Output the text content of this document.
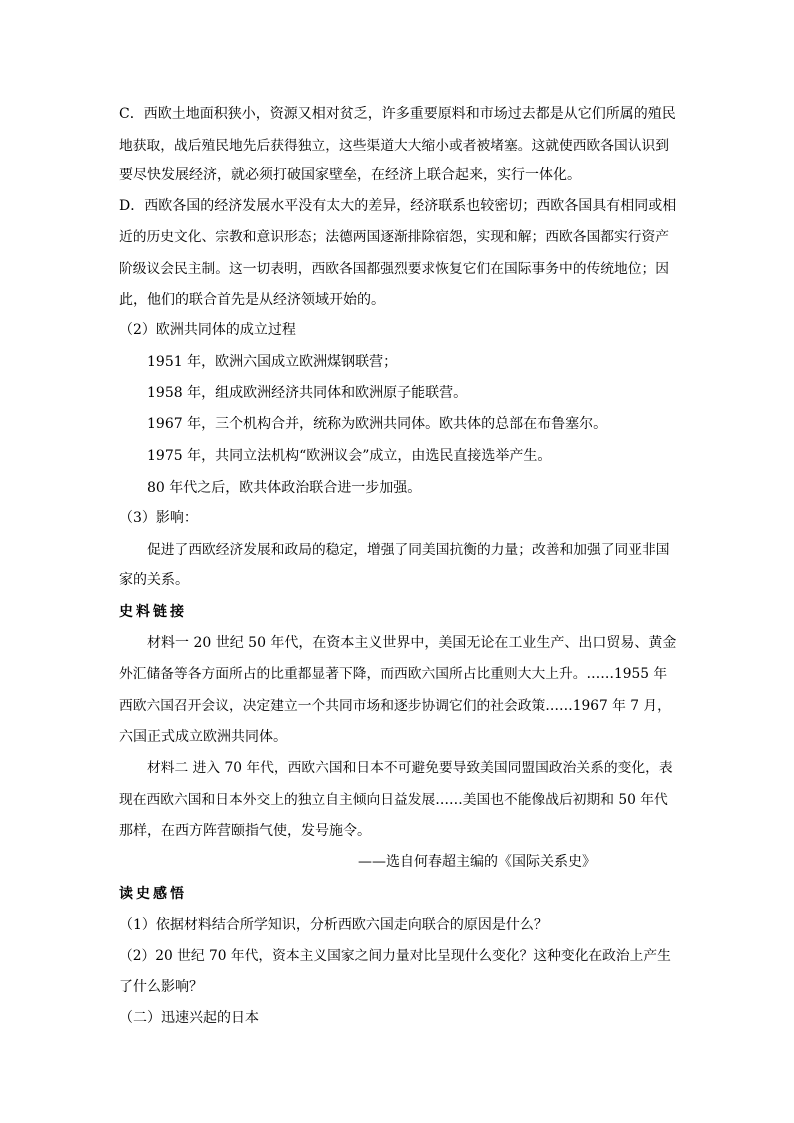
C．西欧土地面积狭小，资源又相对贫乏，许多重要原料和市场过去都是从它们所属的殖民
地获取，战后殖民地先后获得独立，这些渠道大大缩小或者被堵塞。这就使西欧各国认识到
要尽快发展经济，就必须打破国家壁垒，在经济上联合起来，实行一体化。
D．西欧各国的经济发展水平没有太大的差异，经济联系也较密切；西欧各国具有相同或相
近的历史文化、宗教和意识形态；法德两国逐渐排除宿怨，实现和解；西欧各国都实行资产
阶级议会民主制。这一切表明，西欧各国都强烈要求恢复它们在国际事务中的传统地位；因
此，他们的联合首先是从经济领域开始的。
（2）欧洲共同体的成立过程
1951 年，欧洲六国成立欧洲煤钢联营；
1958 年，组成欧洲经济共同体和欧洲原子能联营。
1967 年，三个机构合并，统称为欧洲共同体。欧共体的总部在布鲁塞尔。
1975 年，共同立法机构“欧洲议会”成立，由选民直接选举产生。
80 年代之后，欧共体政治联合进一步加强。
（3）影响：
促进了西欧经济发展和政局的稳定，增强了同美国抗衡的力量；改善和加强了同亚非国
家的关系。
史料链接
材料一 20 世纪 50 年代，在资本主义世界中，美国无论在工业生产、出口贸易、黄金
外汇储备等各方面所占的比重都显著下降，而西欧六国所占比重则大大上升。……1955 年
西欧六国召开会议，决定建立一个共同市场和逐步协调它们的社会政策……1967 年 7 月，
六国正式成立欧洲共同体。
材料二 进入 70 年代，西欧六国和日本不可避免要导致美国同盟国政治关系的变化，表
现在西欧六国和日本外交上的独立自主倾向日益发展……美国也不能像战后初期和 50 年代
那样，在西方阵营颐指气使，发号施令。
——选自何春超主编的《国际关系史》
读史感悟
（1）依据材料结合所学知识，分析西欧六国走向联合的原因是什么？
（2）20 世纪 70 年代，资本主义国家之间力量对比呈现什么变化？这种变化在政治上产生
了什么影响？
（二）迅速兴起的日本
